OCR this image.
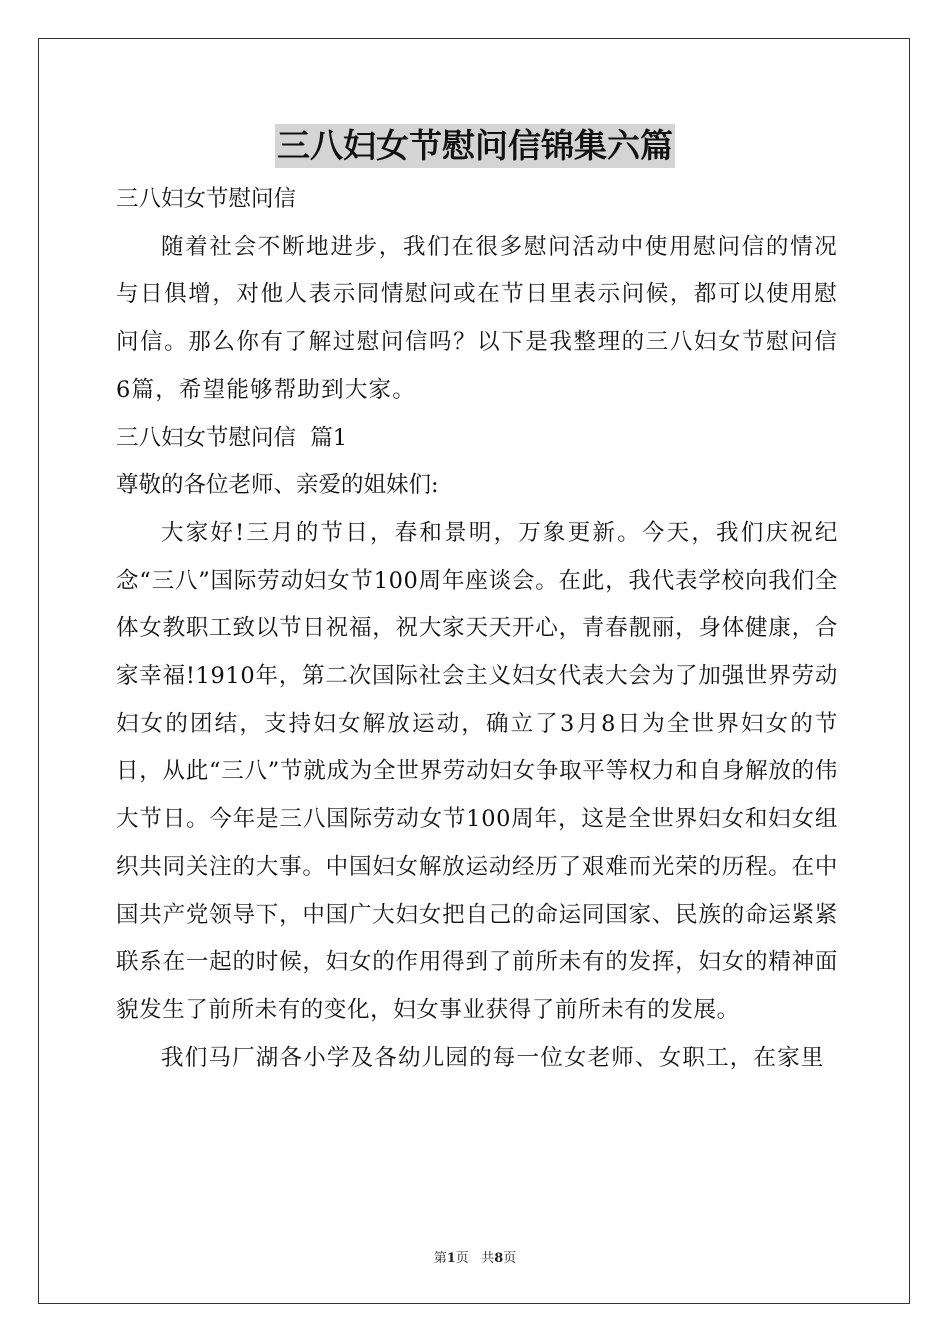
三八妇女节慰问信锦集六篇

三八妇女节慰问信

随着社会不断地进步，我们在很多慰问活动中使用慰问信的情况与日俱增，对他人表示同情慰问或在节日里表示问候，都可以使用慰问信。那么你有了解过慰问信吗？以下是我整理的三八妇女节慰问信6篇，希望能够帮助到大家。

三八妇女节慰问信  篇1

尊敬的各位老师、亲爱的姐妹们:

大家好!三月的节日，春和景明，万象更新。今天，我们庆祝纪念“三八”国际劳动妇女节100周年座谈会。在此，我代表学校向我们全体女教职工致以节日祝福，祝大家天天开心，青春靓丽，身体健康，合家幸福!1910年，第二次国际社会主义妇女代表大会为了加强世界劳动妇女的团结，支持妇女解放运动，确立了3月8日为全世界妇女的节日，从此“三八”节就成为全世界劳动妇女争取平等权力和自身解放的伟大节日。今年是三八国际劳动女节100周年，这是全世界妇女和妇女组织共同关注的大事。中国妇女解放运动经历了艰难而光荣的历程。在中国共产党领导下，中国广大妇女把自己的命运同国家、民族的命运紧紧联系在一起的时候，妇女的作用得到了前所未有的发挥，妇女的精神面貌发生了前所未有的变化，妇女事业获得了前所未有的发展。

我们马厂湖各小学及各幼儿园的每一位女老师、女职工，在家里

第1页   共8页
